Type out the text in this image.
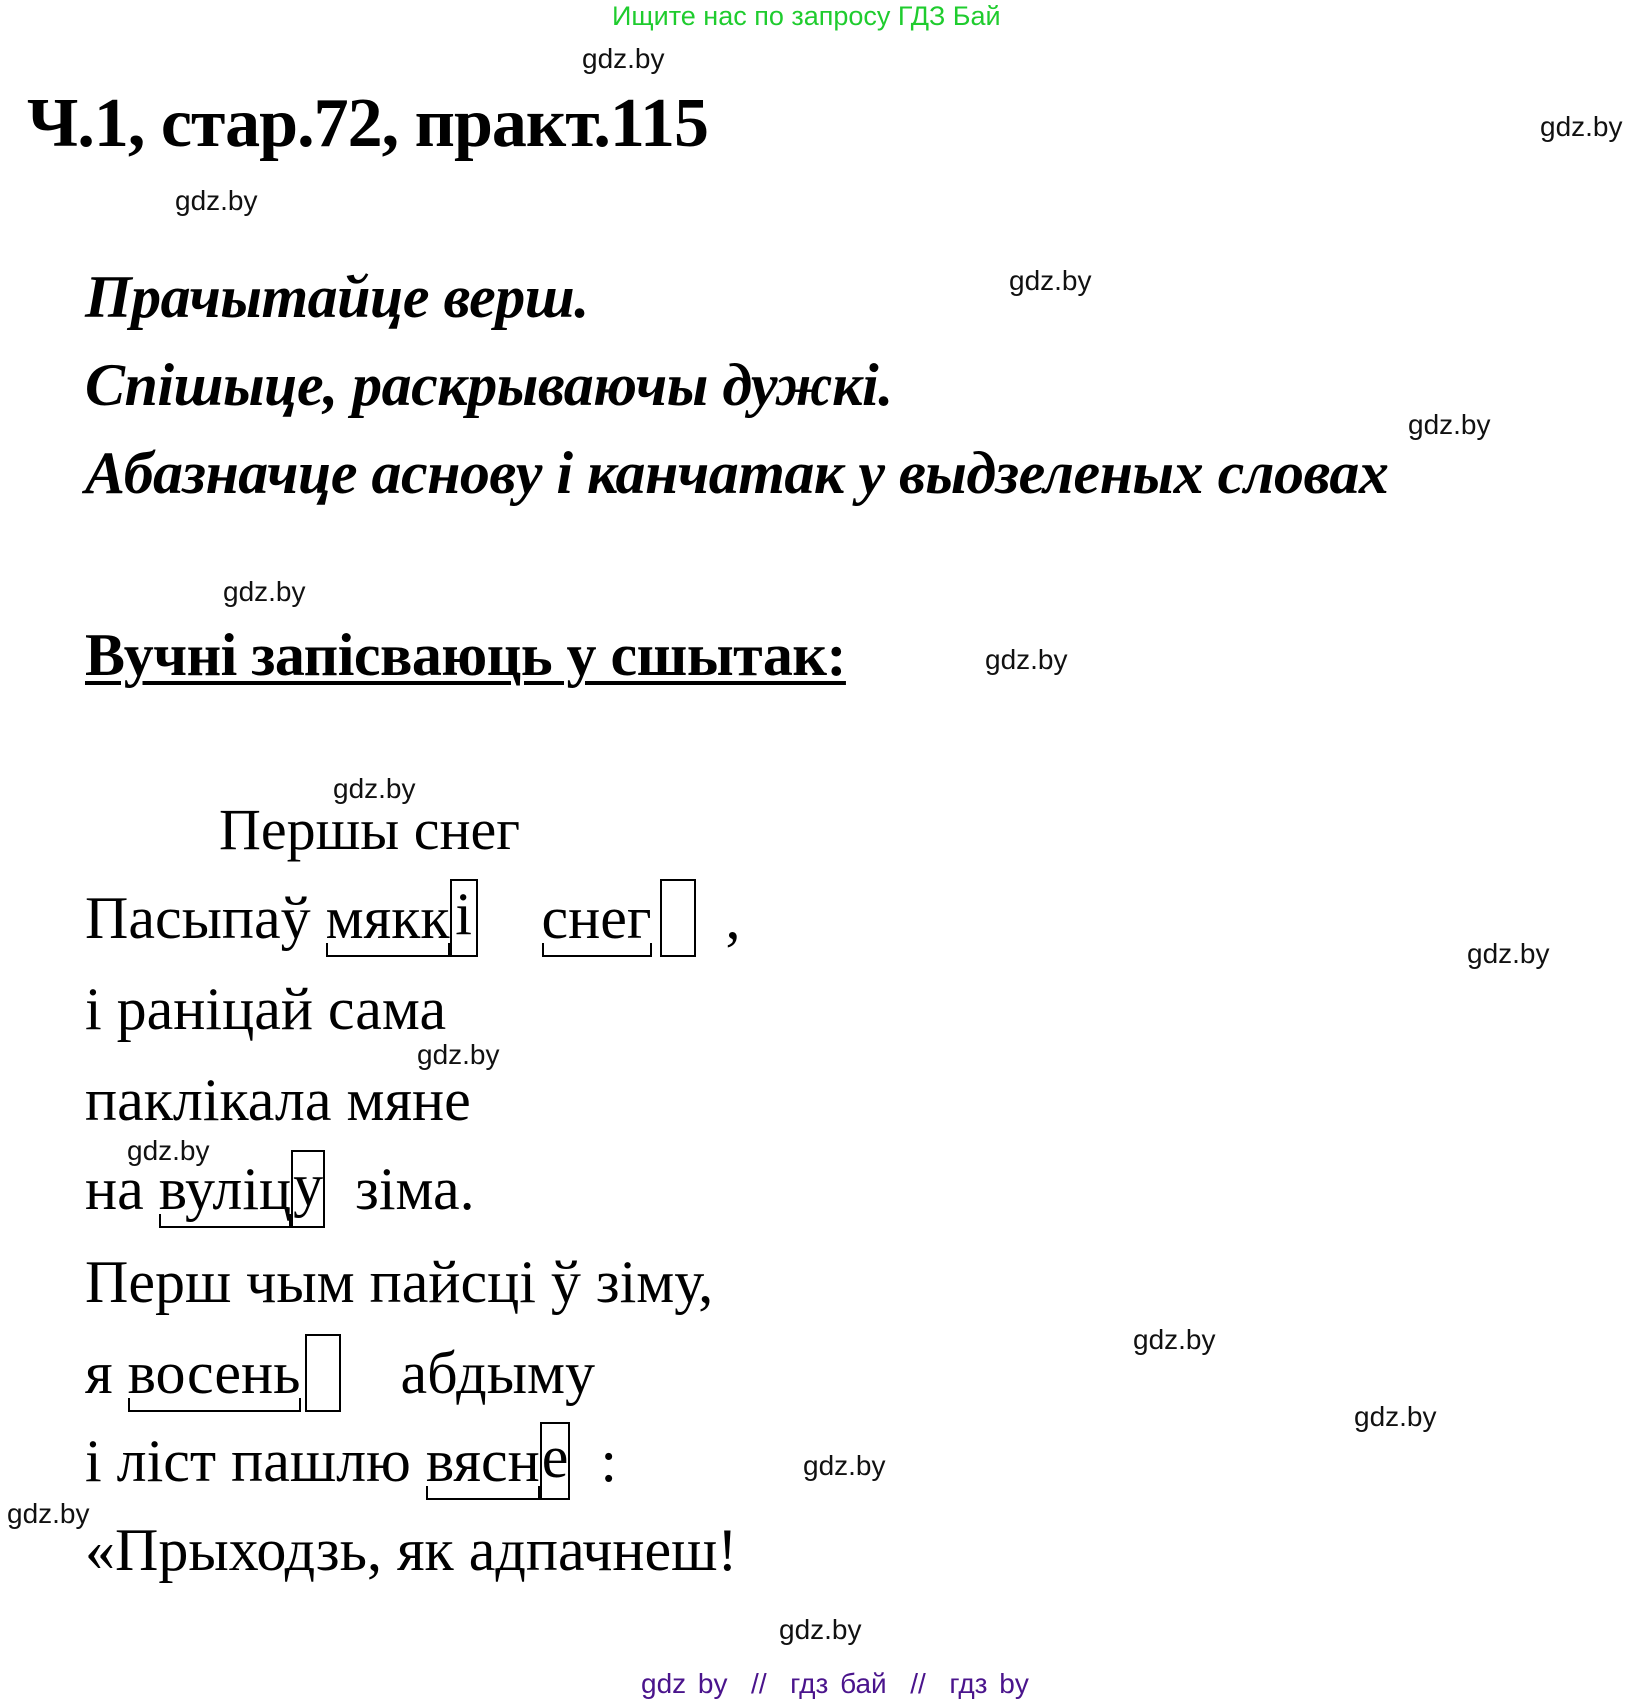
Ищите нас по запросу ГДЗ Бай
gdz.by
gdz.by
gdz.by
gdz.by
gdz.by
gdz.by
gdz.by
gdz.by
gdz.by
gdz.by
gdz.by
gdz.by
gdz.by
gdz.by
gdz.by
gdz.by
Ч.1, стар.72, практ.115
Прачытайце верш.
Спішыце, раскрываючы дужкі.
Абазначце аснову і канчатак у выдзеленых словах
Вучні запісваюць у сшытак:
Першы снег
Пасыпаў мяккі снег  ,
і раніцай сама
паклікала мяне
на вуліцу  зіма.
Перш чым пайсці ў зіму,
я восень    абдыму
і ліст пашлю вясне  :
«Прыходзь, як адпачнеш!
gdz by  //  гдз бай  //  гдз by
